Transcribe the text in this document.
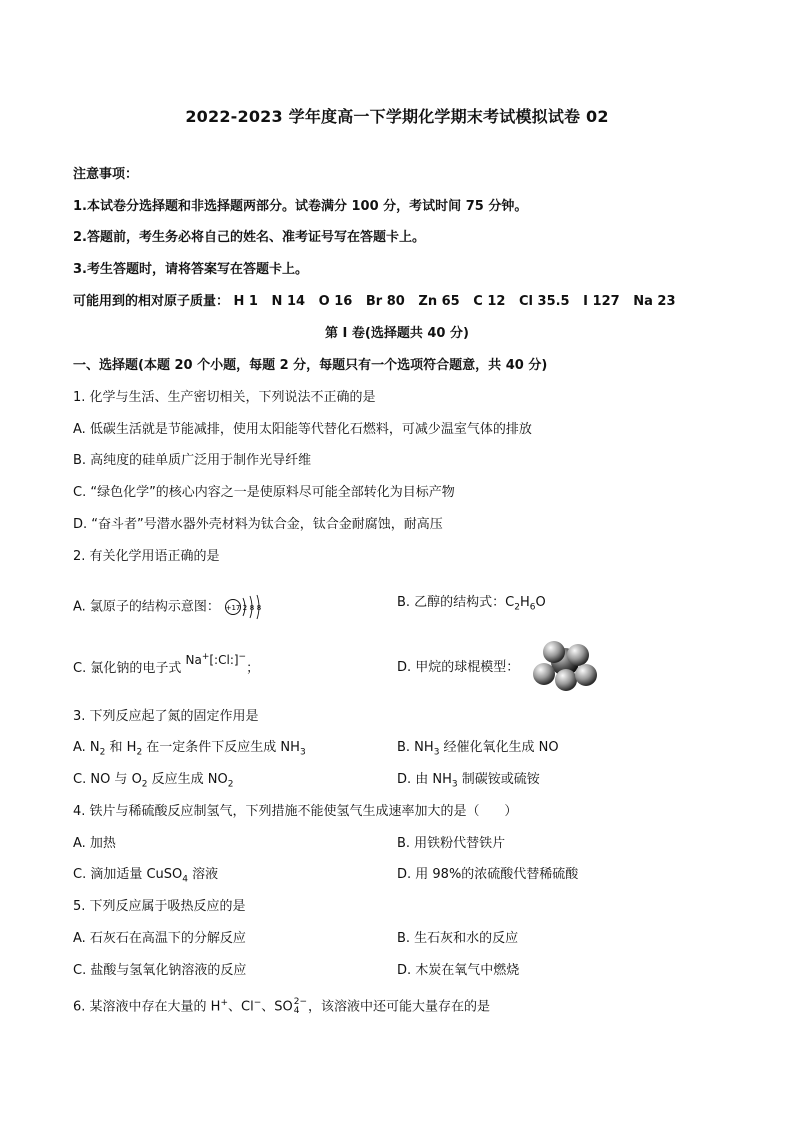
2022-2023 学年度高一下学期化学期末考试模拟试卷 02
注意事项：
1.本试卷分选择题和非选择题两部分。试卷满分 100 分，考试时间 75 分钟。
2.答题前，考生务必将自己的姓名、准考证号写在答题卡上。
3.考生答题时，请将答案写在答题卡上。
可能用到的相对原子质量： H 1   N 14   O 16   Br 80   Zn 65   C 12   Cl 35.5   I 127   Na 23
第 I 卷(选择题共 40 分)
一、选择题(本题 20 个小题，每题 2 分，每题只有一个选项符合题意，共 40 分)
1. 化学与生活、生产密切相关，下列说法不正确的是
A. 低碳生活就是节能减排，使用太阳能等代替化石燃料，可减少温室气体的排放
B. 高纯度的硅单质广泛用于制作光导纤维
C. “绿色化学”的核心内容之一是使原料尽可能全部转化为目标产物
D. “奋斗者”号潜水器外壳材料为钛合金，钛合金耐腐蚀，耐高压
2. 有关化学用语正确的是
A. 氯原子的结构示意图： +17 2 8 8	B. 乙醇的结构式：$C_2H_6O$
C. 氯化钠的电子式 Na+[:Cl:]−；	D. 甲烷的球棍模型：
3. 下列反应起了氮的固定作用是
A. $N_2$ 和 $H_2$ 在一定条件下反应生成 $NH_3$	B. $NH_3$ 经催化氧化生成 NO
C. NO 与 $O_2$ 反应生成 $NO_2$	D. 由 $NH_3$ 制碳铵或硫铵
4. 铁片与稀硫酸反应制氢气，下列措施不能使氢气生成速率加大的是（      ）
A. 加热	B. 用铁粉代替铁片
C. 滴加适量 CuSO$_4$ 溶液	D. 用 98%的浓硫酸代替稀硫酸
5. 下列反应属于吸热反应的是
A. 石灰石在高温下的分解反应	B. 生石灰和水的反应
C. 盐酸与氢氧化钠溶液的反应	D. 木炭在氧气中燃烧
6. 某溶液中存在大量的 H+、Cl−、SO 2−
4 ，该溶液中还可能大量存在的是
